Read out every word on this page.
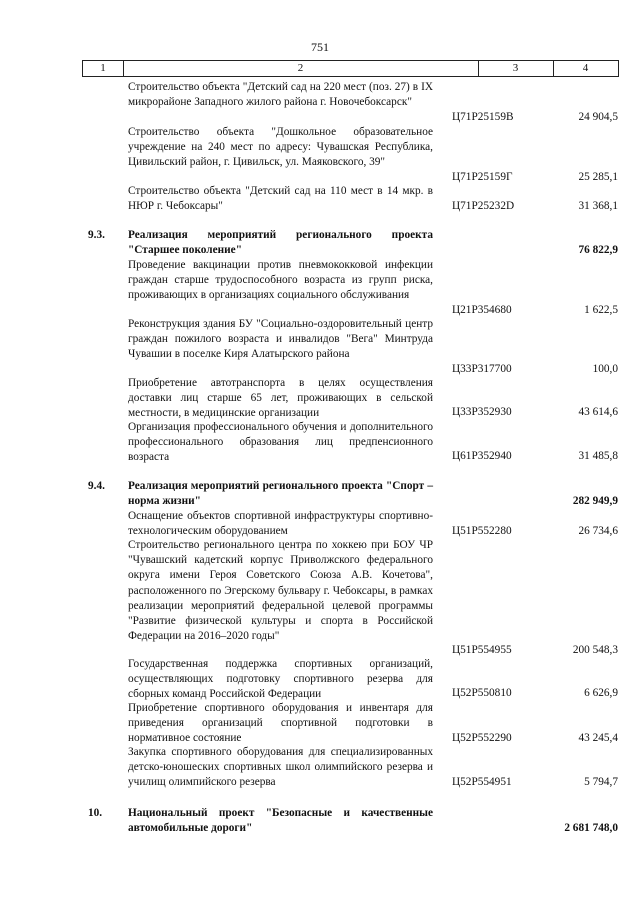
751
1	2	3	4
Строительство объекта "Детский сад на 220 мест (поз. 27) в IX микрорайоне Западного жилого района г. Новочебоксарск"
Ц71Р25159В	24 904,5
Строительство объекта "Дошкольное образовательное учреждение на 240 мест по адресу: Чувашская Республика, Цивильский район, г. Цивильск, ул. Маяковского, 39"
Ц71Р25159Г	25 285,1
Строительство объекта "Детский сад на 110 мест в 14 мкр. в НЮР г. Чебоксары"	Ц71Р25232D	31 368,1
9.3.	Реализация мероприятий регионального проекта "Старшее поколение"	76 822,9
Проведение вакцинации против пневмококковой инфекции граждан старше трудоспособного возраста из групп риска, проживающих в организациях социального обслуживания
Ц21Р354680	1 622,5
Реконструкция здания БУ "Социально-оздоровительный центр граждан пожилого возраста и инвалидов "Вега" Минтруда Чувашии в поселке Киря Алатырского района
Ц33Р317700	100,0
Приобретение автотранспорта в целях осуществления доставки лиц старше 65 лет, проживающих в сельской местности, в медицинские организации	Ц33Р352930	43 614,6
Организация профессионального обучения и дополнительного профессионального образования лиц предпенсионного возраста	Ц61Р352940	31 485,8
9.4.	Реализация мероприятий регионального проекта "Спорт – норма жизни"	282 949,9
Оснащение объектов спортивной инфраструктуры спортивно-технологическим оборудованием	Ц51Р552280	26 734,6
Строительство регионального центра по хоккею при БОУ ЧР "Чувашский кадетский корпус Приволжского федерального округа имени Героя Советского Союза А.В. Кочетова", расположенного по Эгерскому бульвару г. Чебоксары, в рамках реализации мероприятий федеральной целевой программы "Развитие физической культуры и спорта в Российской Федерации на 2016–2020 годы"
Ц51Р554955	200 548,3
Государственная поддержка спортивных организаций, осуществляющих подготовку спортивного резерва для сборных команд Российской Федерации	Ц52Р550810	6 626,9
Приобретение спортивного оборудования и инвентаря для приведения организаций спортивной подготовки в нормативное состояние	Ц52Р552290	43 245,4
Закупка спортивного оборудования для специализированных детско-юношеских спортивных школ олимпийского резерва и училищ олимпийского резерва	Ц52Р554951	5 794,7
10.	Национальный проект "Безопасные и качественные автомобильные дороги"	2 681 748,0
